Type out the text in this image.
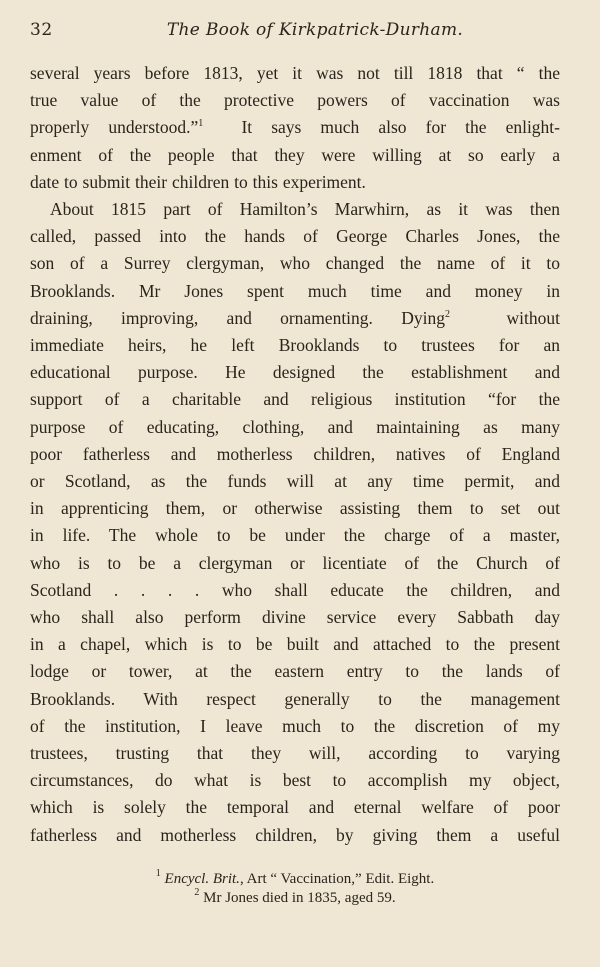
32	The Book of Kirkpatrick-Durham.

several years before 1813, yet it was not till 1818 that “ the

true value of the protective powers of vaccination was

properly understood.”$^1$ It says much also for the enlight-

enment of the people that they were willing at so early a

date to submit their children to this experiment.

About 1815 part of Hamilton’s Marwhirn, as it was then

called, passed into the hands of George Charles Jones, the

son of a Surrey clergyman, who changed the name of it to

Brooklands. Mr Jones spent much time and money in

draining, improving, and ornamenting. Dying$^2$	without

immediate heirs, he left Brooklands to trustees for an

educational purpose. He designed the establishment and

support of a charitable and religious institution “for the

purpose of educating, clothing, and maintaining as many

poor fatherless and motherless children, natives of England

or Scotland, as the funds will at any time permit, and

in apprenticing them, or otherwise assisting them to set out

in life. The whole to be under the charge of a master,

who is to be a clergyman or licentiate of the Church of

Scotland . . . . who shall educate the children, and

who shall also perform divine service every Sabbath day

in a chapel, which is to be built and attached to the present

lodge or tower, at the eastern entry to the lands of

Brooklands. With respect generally to the management

of the institution, I leave much to the discretion of my

trustees, trusting that they will, according to varying

circumstances, do what is best to accomplish my object,

which is solely the temporal and eternal welfare of poor

fatherless and motherless children, by giving them a useful

$^1$ Encycl. Brit., Art “ Vaccination,” Edit. Eight.

$^2$ Mr Jones died in 1835, aged 59.
